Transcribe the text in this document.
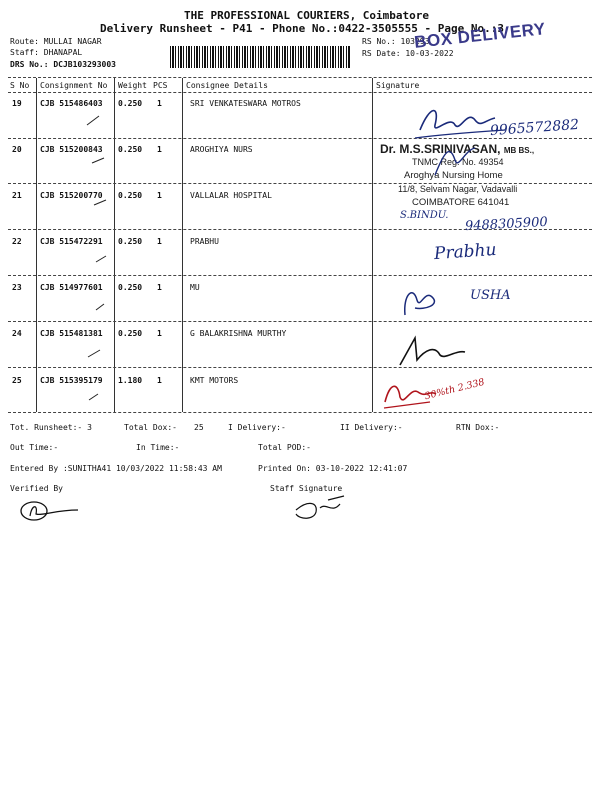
THE PROFESSIONAL COURIERS, Coimbatore
Delivery Runsheet - P41 - Phone No.:0422-3505555 - Page No.:3
Route: MULLAI NAGAR
Staff: DHANAPAL
DRS No.: DCJB103293003
RS No.: 103293
RS Date: 10-03-2022
BOX DELIVERY
S No Consignment No Weight PCS Consignee Details	Signature
19 CJB 515486403 0.250 1	SRI VENKATESWARA MOTROS
20 CJB 515200843 0.250 1	AROGHIYA NURS
21 CJB 515200770 0.250 1	VALLALAR HOSPITAL
22 CJB 515472291 0.250 1	PRABHU
23 CJB 514977601 0.250 1	MU
24 CJB 515481381 0.250 1	G BALAKRISHNA MURTHY
25 CJB 515395179 1.180 1	KMT MOTORS
9965572882
Dr. M.S.SRINIVASAN, MB BS.,
TNMC Reg. No. 49354
Aroghya Nursing Home
11/8, Selvam Nagar, Vadavalli
COIMBATORE 641041
S.BINDU. 9488305900
Prabhu
USHA
30%th 2.338
Tot. Runsheet:- 3	Total Dox:- 25	I Delivery:-	II Delivery:-	RTN Dox:-
Out Time:-	In Time:-	Total POD:-
Entered By :SUNITHA41 10/03/2022 11:58:43 AM	Printed On: 03-10-2022 12:41:07
Verified By	Staff Signature
